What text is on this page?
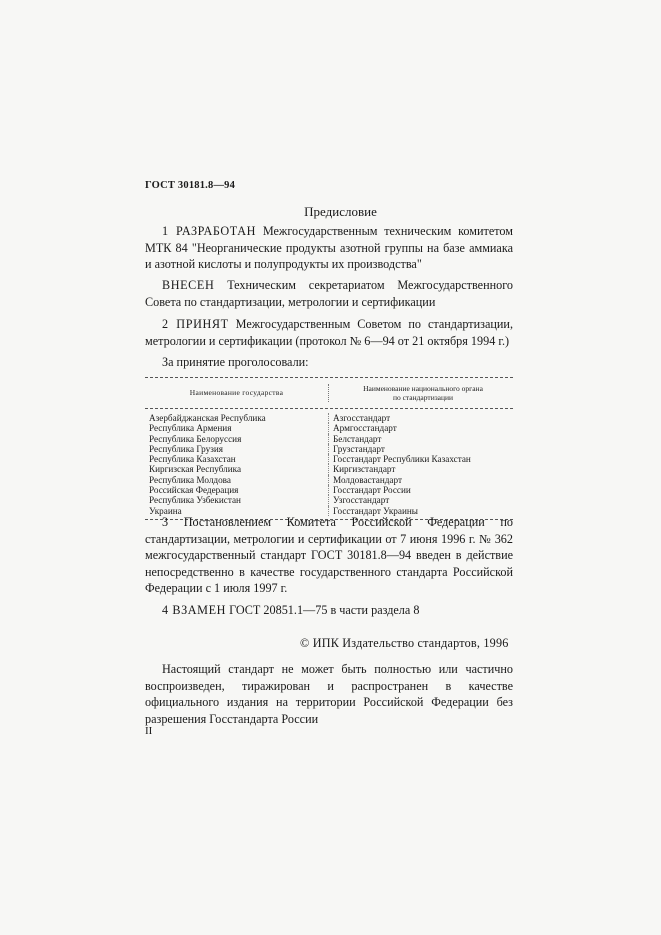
ГОСТ 30181.8—94
Предисловие
1 РАЗРАБОТАН Межгосударственным техническим комитетом МТК 84 "Неорганические продукты азотной группы на базе аммиака и азотной кислоты и полупродукты их производства"
ВНЕСЕН Техническим секретариатом Межгосударственного Совета по стандартизации, метрологии и сертификации
2 ПРИНЯТ Межгосударственным Советом по стандартизации, метрологии и сертификации (протокол № 6—94 от 21 октября 1994 г.)
За принятие проголосовали:
Наименование государства	Наименование национального органа
по стандартизации
Азербайджанская Республика	Азгосстандарт
Республика Армения	Армгосстандарт
Республика Белоруссия	Белстандарт
Республика Грузия	Грузстандарт
Республика Казахстан	Госстандарт Республики Казахстан
Киргизская Республика	Киргизстандарт
Республика Молдова	Молдовастандарт
Российская Федерация	Госстандарт России
Республика Узбекистан	Узгосстандарт
Украина	Госстандарт Украины
3 Постановлением Комитета Российской Федерации по стандартизации, метрологии и сертификации от 7 июня 1996 г. № 362 межгосударственный стандарт ГОСТ 30181.8—94 введен в действие непосредственно в качестве государственного стандарта Российской Федерации с 1 июля 1997 г.
4 ВЗАМЕН ГОСТ 20851.1—75 в части раздела 8
© ИПК Издательство стандартов, 1996
Настоящий стандарт не может быть полностью или частично воспроизведен, тиражирован и распространен в качестве официального издания на территории Российской Федерации без разрешения Госстандарта России
II
